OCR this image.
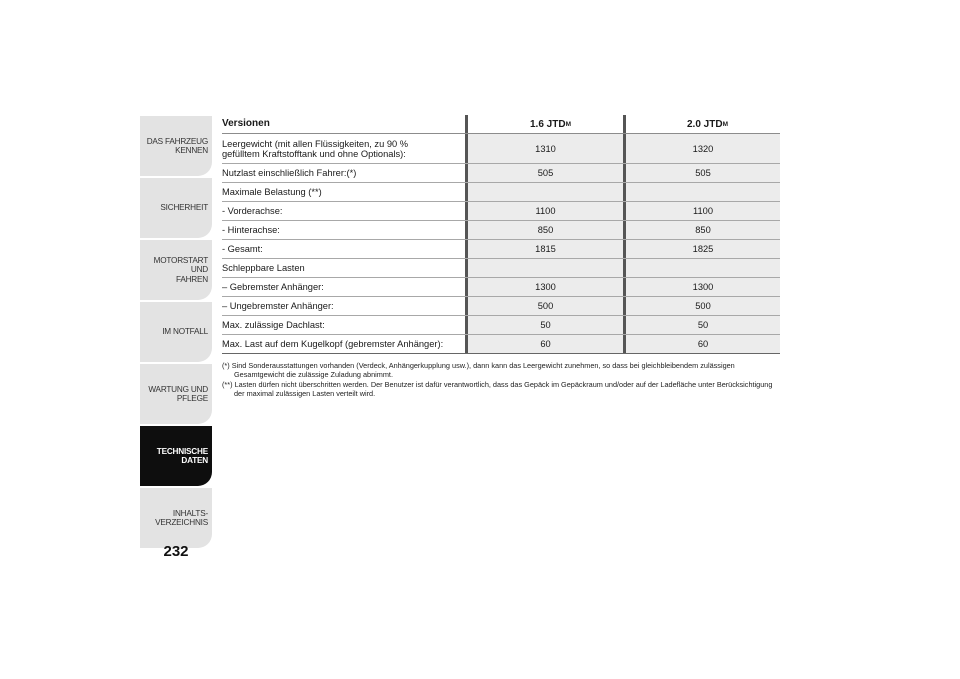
DAS FAHRZEUG
KENNEN
SICHERHEIT
MOTORSTART UND
FAHREN
IM NOTFALL
WARTUNG UND
PFLEGE
TECHNISCHE
DATEN
INHALTS-
VERZEICHNIS
232
Versionen	1.6 JTD M	2.0 JTD M
Leergewicht (mit allen Flüssigkeiten, zu 90 % gefülltem Kraftstofftank und ohne Optionals):	1310	1320
Nutzlast einschließlich Fahrer:(*)	505	505
Maximale Belastung (**)
- Vorderachse:	1100	1100
- Hinterachse:	850	850
- Gesamt:	1815	1825
Schleppbare Lasten
– Gebremster Anhänger:	1300	1300
– Ungebremster Anhänger:	500	500
Max. zulässige Dachlast:	50	50
Max. Last auf dem Kugelkopf (gebremster Anhänger):	60	60
(*) Sind Sonderausstattungen vorhanden (Verdeck, Anhängerkupplung usw.), dann kann das Leergewicht zunehmen, so dass bei gleichbleibendem zulässigen Gesamtgewicht die zulässige Zuladung abnimmt.
(**) Lasten dürfen nicht überschritten werden. Der Benutzer ist dafür verantwortlich, dass das Gepäck im Gepäckraum und/oder auf der Ladefläche unter Berücksichtigung der maximal zulässigen Lasten verteilt wird.
